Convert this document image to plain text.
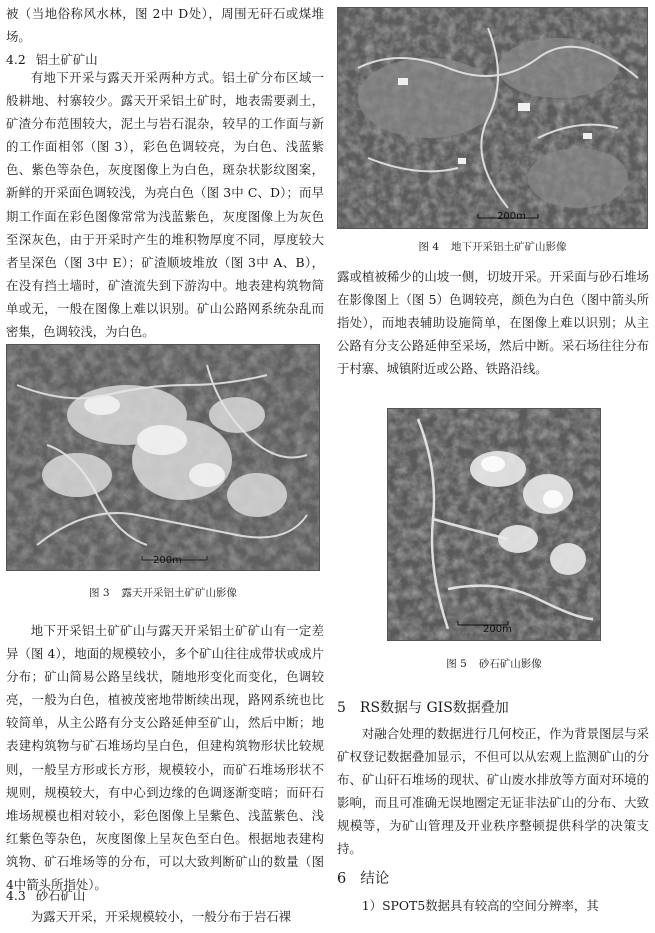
被（当地俗称风水林，图 2中 D处），周围无矸石或煤堆场。

4.2 铝土矿矿山

有地下开采与露天开采两种方式。铝土矿分布区域一般耕地、村寨较少。露天开采铝土矿时，地表需要剥土，矿渣分布范围较大，泥土与岩石混杂，较早的工作面与新的工作面相邻（图 3），彩色色调较亮，为白色、浅蓝紫色、紫色等杂色，灰度图像上为白色，斑杂状影纹图案，新鲜的开采面色调较浅，为亮白色（图 3中 C、D）；而早期工作面在彩色图像常常为浅蓝紫色，灰度图像上为灰色至深灰色，由于开采时产生的堆积物厚度不同，厚度较大者呈深色（图 3中 E）；矿渣顺坡堆放（图 3中 A、B），在没有挡土墙时，矿渣流失到下游沟中。地表建构筑物简单或无，一般在图像上难以识别。矿山公路网系统杂乱而密集，色调较浅，为白色。

200m
图 3 露天开采铝土矿矿山影像

地下开采铝土矿矿山与露天开采铝土矿矿山有一定差异（图 4），地面的规模较小，多个矿山往往成带状或成片分布；矿山简易公路呈线状，随地形变化而变化，色调较亮，一般为白色，植被茂密地带断续出现，路网系统也比较简单，从主公路有分支公路延伸至矿山，然后中断；地表建构筑物与矿石堆场均呈白色，但建构筑物形状比较规则，一般呈方形或长方形，规模较小，而矿石堆场形状不规则，规模较大，有中心到边缘的色调逐渐变暗；而矸石堆场规模也相对较小，彩色图像上呈紫色、浅蓝紫色、浅红紫色等杂色，灰度图像上呈灰色至白色。根据地表建构筑物、矿石堆场等的分布，可以大致判断矿山的数量（图 4中箭头所指处）。

4.3 砂石矿山

为露天开采，开采规模较小，一般分布于岩石裸

200m
图 4 地下开采铝土矿矿山影像

露或植被稀少的山坡一侧，切坡开采。开采面与砂石堆场在影像图上（图 5）色调较亮，颜色为白色（图中箭头所指处），而地表辅助设施简单，在图像上难以识别；从主公路有分支公路延伸至采场，然后中断。采石场往往分布于村寨、城镇附近或公路、铁路沿线。

200m
图 5 砂石矿山影像
5 RS数据与 GIS数据叠加

对融合处理的数据进行几何校正，作为背景图层与采矿权登记数据叠加显示，不但可以从宏观上监测矿山的分布、矿山矸石堆场的现状、矿山废水排放等方面对环境的影响，而且可准确无误地圈定无证非法矿山的分布、大致规模等，为矿山管理及开业秩序整顿提供科学的决策支持。

6 结论

1）SPOT5数据具有较高的空间分辨率，其
